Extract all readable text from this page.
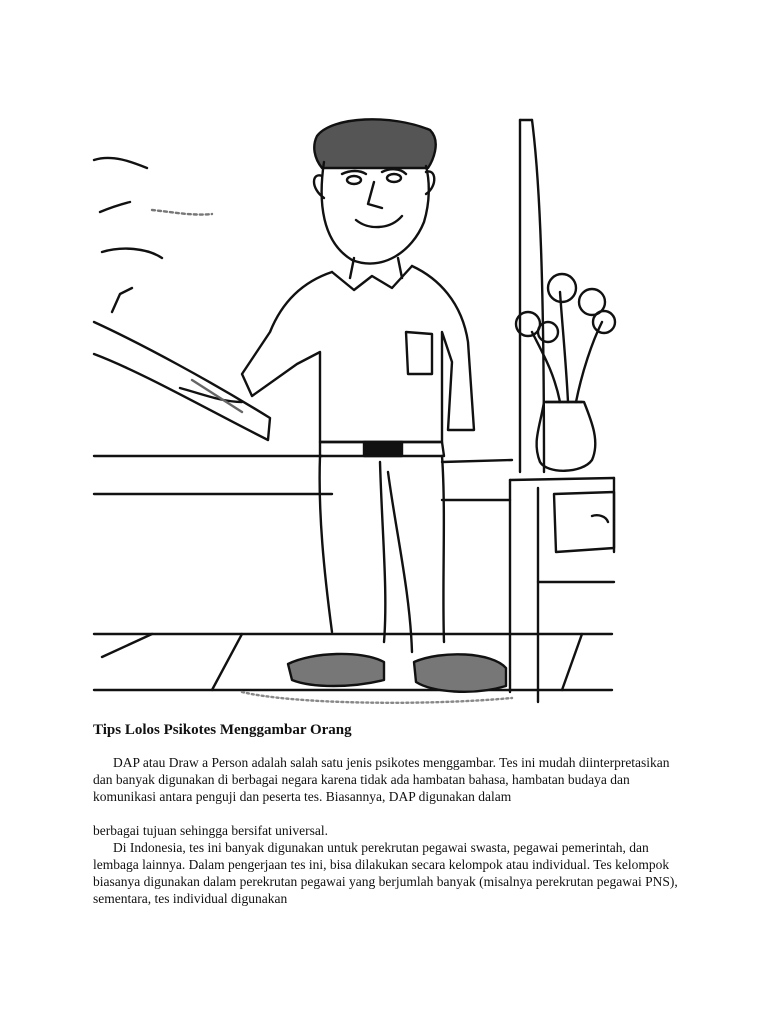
Tips Lolos Psikotes Menggambar Orang

DAP atau Draw a Person adalah salah satu jenis psikotes menggambar. Tes ini mudah diinterpretasikan dan banyak digunakan di berbagai negara karena tidak ada hambatan bahasa, hambatan budaya dan komunikasi antara penguji dan peserta tes. Biasannya, DAP digunakan dalam

berbagai tujuan sehingga bersifat universal.

Di Indonesia, tes ini banyak digunakan untuk perekrutan pegawai swasta, pegawai pemerintah, dan lembaga lainnya. Dalam pengerjaan tes ini, bisa dilakukan secara kelompok atau individual. Tes kelompok biasanya digunakan dalam perekrutan pegawai yang berjumlah banyak (misalnya perekrutan pegawai PNS), sementara, tes individual digunakan
